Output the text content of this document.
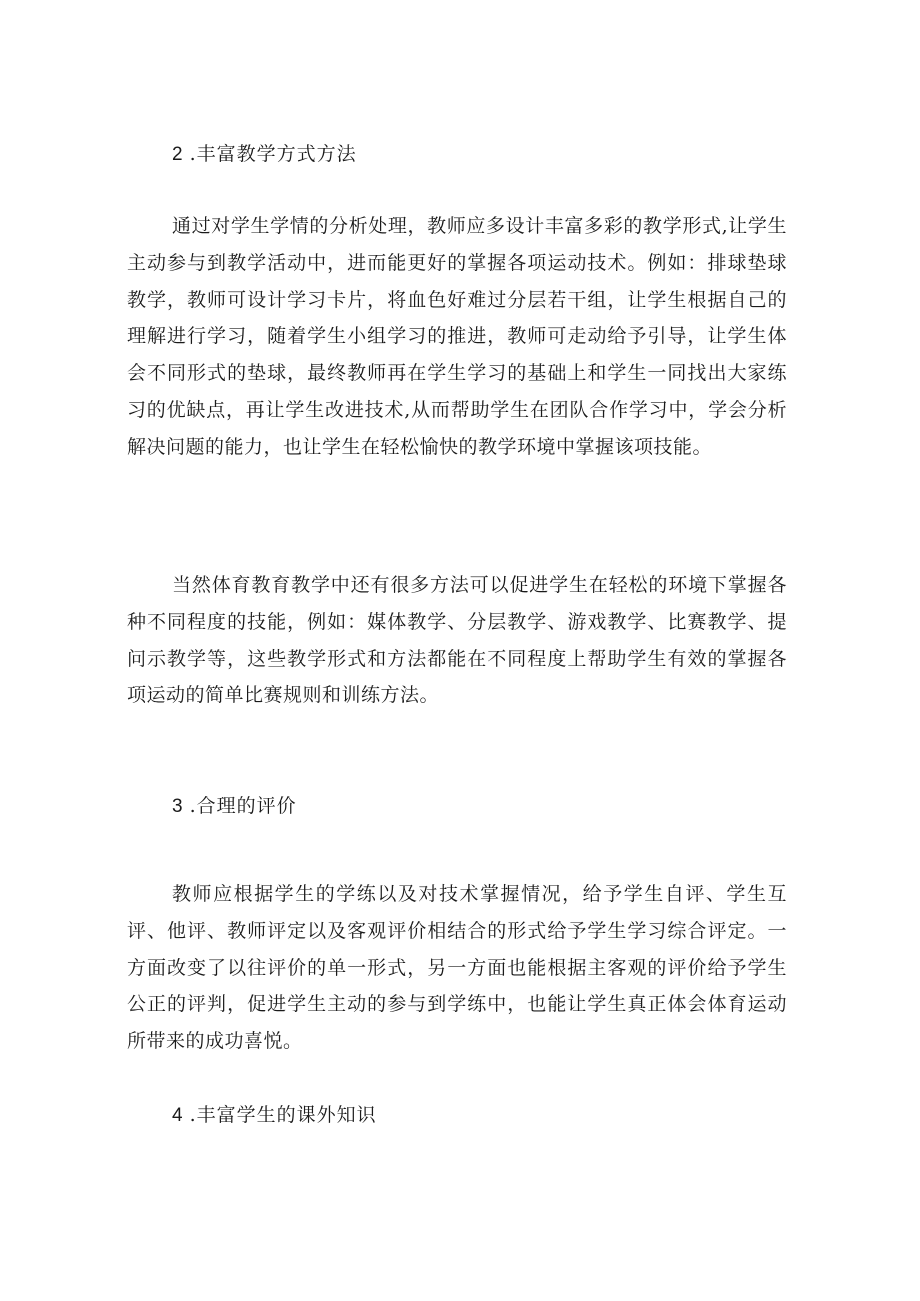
2 .丰富教学方式方法

通过对学生学情的分析处理，教师应多设计丰富多彩的教学形式,让学生主动参与到教学活动中，进而能更好的掌握各项运动技术。例如：排球垫球教学，教师可设计学习卡片，将血色好难过分层若干组，让学生根据自己的理解进行学习，随着学生小组学习的推进，教师可走动给予引导，让学生体会不同形式的垫球，最终教师再在学生学习的基础上和学生一同找出大家练习的优缺点，再让学生改进技术,从而帮助学生在团队合作学习中，学会分析解决问题的能力，也让学生在轻松愉快的教学环境中掌握该项技能。

当然体育教育教学中还有很多方法可以促进学生在轻松的环境下掌握各种不同程度的技能，例如：媒体教学、分层教学、游戏教学、比赛教学、提问示教学等，这些教学形式和方法都能在不同程度上帮助学生有效的掌握各项运动的简单比赛规则和训练方法。

3 .合理的评价

教师应根据学生的学练以及对技术掌握情况，给予学生自评、学生互评、他评、教师评定以及客观评价相结合的形式给予学生学习综合评定。一方面改变了以往评价的单一形式，另一方面也能根据主客观的评价给予学生公正的评判，促进学生主动的参与到学练中，也能让学生真正体会体育运动所带来的成功喜悦。

4 .丰富学生的课外知识
